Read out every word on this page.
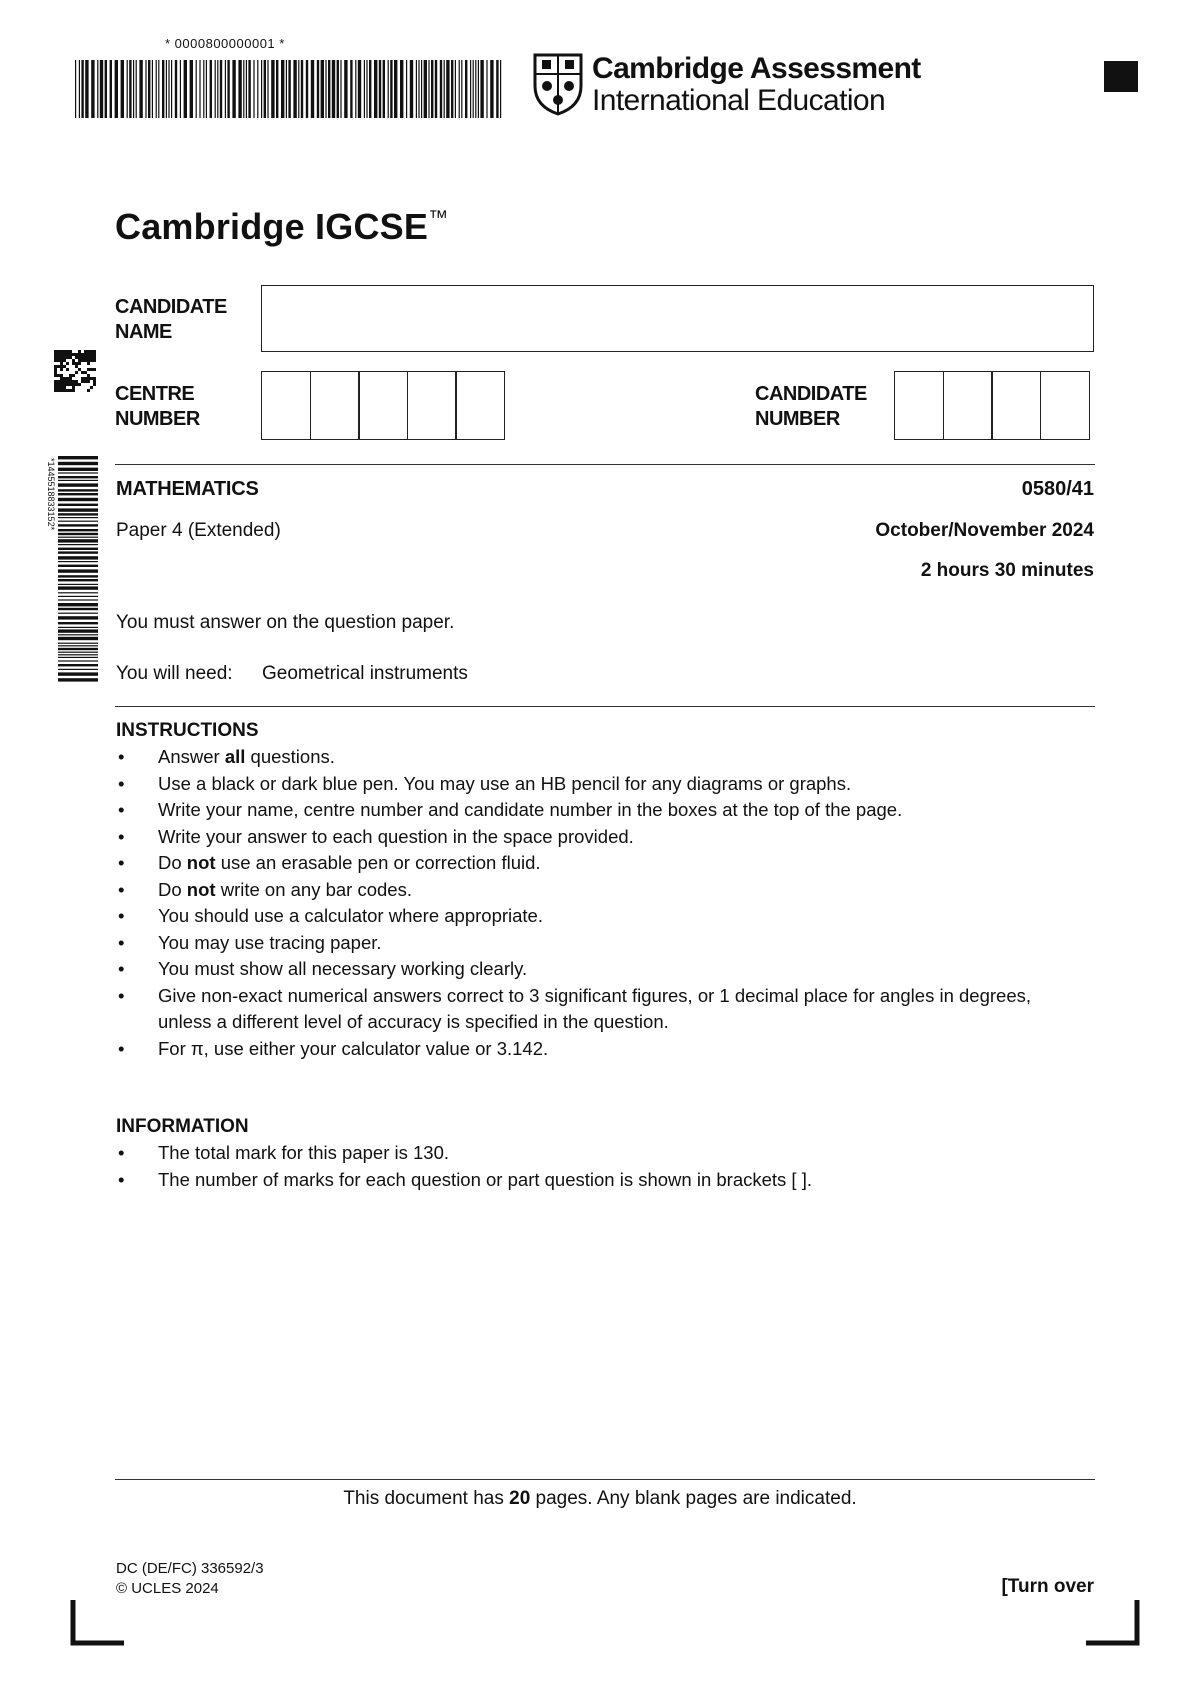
* 0000800000001 *
Cambridge Assessment
International Education
Cambridge IGCSE™
CANDIDATE
NAME
CENTRE
NUMBER
CANDIDATE
NUMBER
*1445518833152*	MATHEMATICS	0580/41
Paper 4 (Extended)	October/November 2024
2 hours 30 minutes
You must answer on the question paper.
You will need: Geometrical instruments
INSTRUCTIONS
•	Answer all questions.
•	Use a black or dark blue pen. You may use an HB pencil for any diagrams or graphs.
•	Write your name, centre number and candidate number in the boxes at the top of the page.
•	Write your answer to each question in the space provided.
•	Do not use an erasable pen or correction fluid.
•	Do not write on any bar codes.
•	You should use a calculator where appropriate.
•	You may use tracing paper.
•	You must show all necessary working clearly.
•	Give non-exact numerical answers correct to 3 significant figures, or 1 decimal place for angles in degrees, unless a different level of accuracy is specified in the question.
•	For π, use either your calculator value or 3.142.
INFORMATION
•	The total mark for this paper is 130.
•	The number of marks for each question or part question is shown in brackets [ ].
This document has 20 pages. Any blank pages are indicated.
DC (DE/FC) 336592/3
© UCLES 2024	[Turn over
